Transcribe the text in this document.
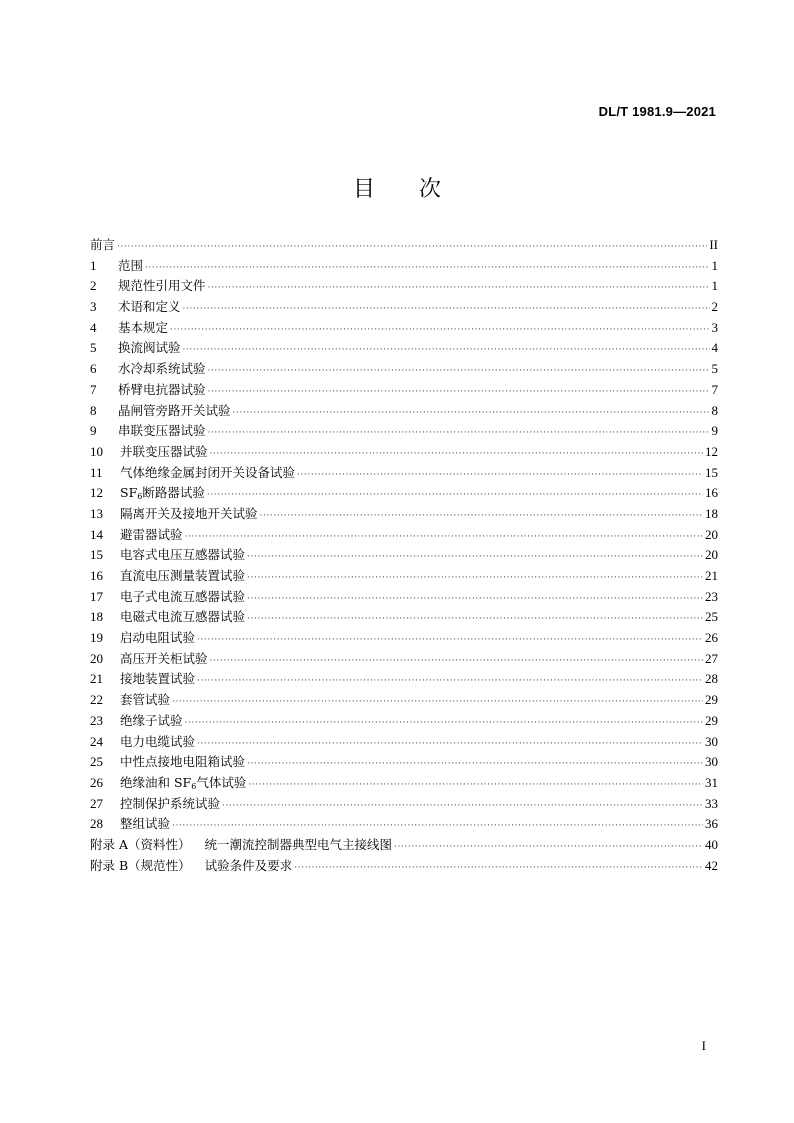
DL/T 1981.9—2021
目 次
前言 ·····	II
1	范围 ·····	1
2	规范性引用文件 ·····	1
3	术语和定义 ·····	2
4	基本规定 ·····	3
5	换流阀试验 ·····	4
6	水冷却系统试验 ·····	5
7	桥臂电抗器试验 ·····	7
8	晶闸管旁路开关试验 ·····	8
9	串联变压器试验 ·····	9
10	并联变压器试验 ·····	12
11	气体绝缘金属封闭开关设备试验 ·····	15
12	$SF_6$断路器试验 ·····	16
13	隔离开关及接地开关试验 ·····	18
14	避雷器试验 ·····	20
15	电容式电压互感器试验 ·····	20
16	直流电压测量装置试验 ·····	21
17	电子式电流互感器试验 ·····	23
18	电磁式电流互感器试验 ·····	25
19	启动电阻试验 ·····	26
20	高压开关柜试验 ·····	27
21	接地装置试验 ·····	28
22	套管试验 ·····	29
23	绝缘子试验 ·····	29
24	电力电缆试验 ·····	30
25	中性点接地电阻箱试验 ·····	30
26	绝缘油和 $SF_6$气体试验 ·····	31
27	控制保护系统试验 ·····	33
28	整组试验 ·····	36
附录 A（资料性） 统一潮流控制器典型电气主接线图 ·····	40
附录 B（规范性） 试验条件及要求 ·····	42
I
